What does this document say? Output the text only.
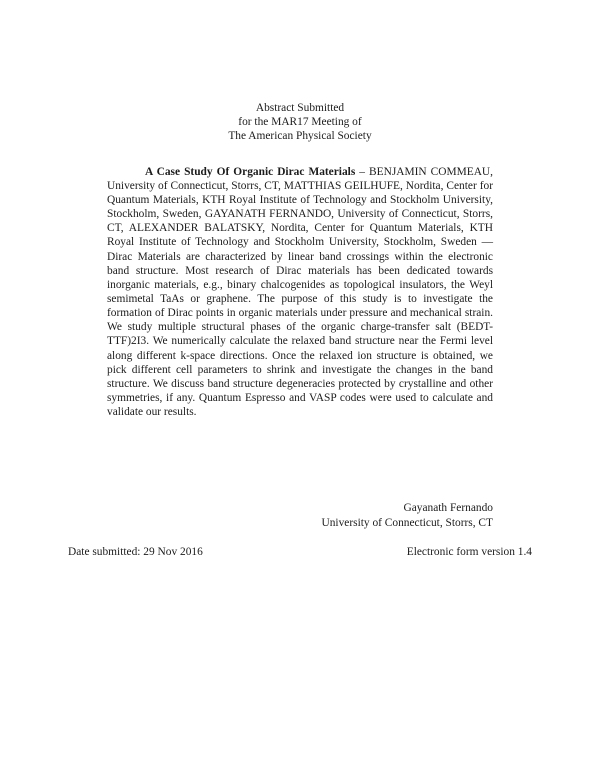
Abstract Submitted
for the MAR17 Meeting of
The American Physical Society

A Case Study Of Organic Dirac Materials – BENJAMIN COMMEAU, University of Connecticut, Storrs, CT, MATTHIAS GEILHUFE, Nordita, Center for Quantum Materials, KTH Royal Institute of Technology and Stockholm University, Stockholm, Sweden, GAYANATH FERNANDO, University of Connecticut, Storrs, CT, ALEXANDER BALATSKY, Nordita, Center for Quantum Materials, KTH Royal Institute of Technology and Stockholm University, Stockholm, Sweden — Dirac Materials are characterized by linear band crossings within the electronic band structure. Most research of Dirac materials has been dedicated towards inorganic materials, e.g., binary chalcogenides as topological insulators, the Weyl semimetal TaAs or graphene. The purpose of this study is to investigate the formation of Dirac points in organic materials under pressure and mechanical strain. We study multiple structural phases of the organic charge-transfer salt (BEDT-TTF)2I3. We numerically calculate the relaxed band structure near the Fermi level along different k-space directions. Once the relaxed ion structure is obtained, we pick different cell parameters to shrink and investigate the changes in the band structure. We discuss band structure degeneracies protected by crystalline and other symmetries, if any. Quantum Espresso and VASP codes were used to calculate and validate our results.

Gayanath Fernando
University of Connecticut, Storrs, CT
Date submitted: 29 Nov 2016	Electronic form version 1.4
